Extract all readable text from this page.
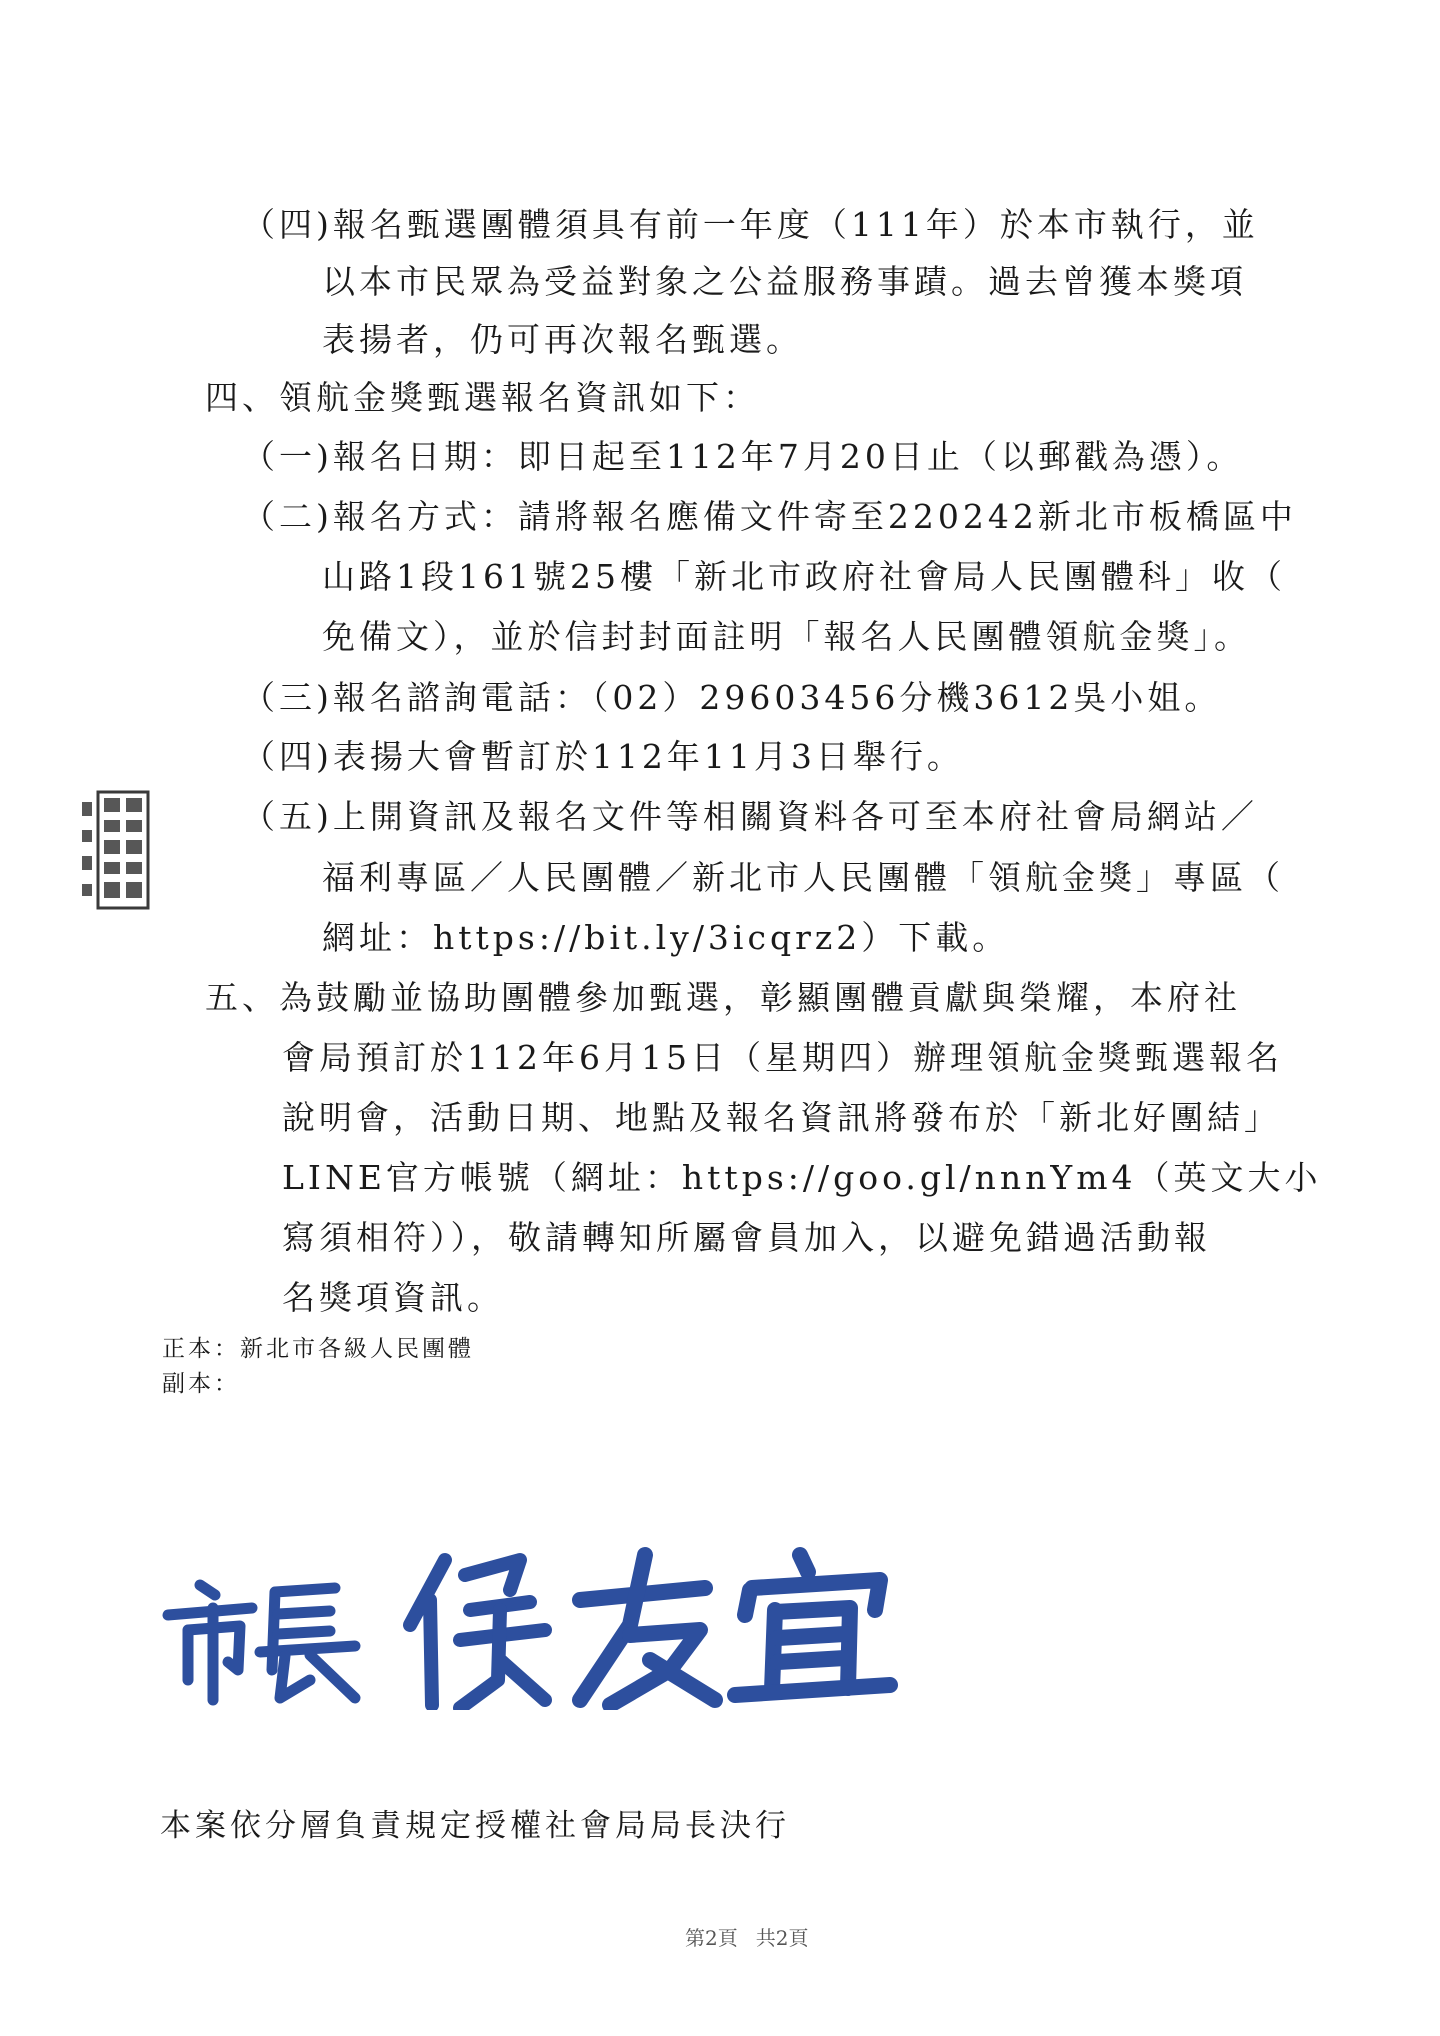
（四)報名甄選團體須具有前一年度（111年）於本市執行，並
以本市民眾為受益對象之公益服務事蹟。過去曾獲本獎項
表揚者，仍可再次報名甄選。
四、領航金獎甄選報名資訊如下：
（一)報名日期：即日起至112年7月20日止（以郵戳為憑）。
（二)報名方式：請將報名應備文件寄至220242新北市板橋區中
山路1段161號25樓「新北市政府社會局人民團體科」收（
免備文），並於信封封面註明「報名人民團體領航金獎」。
（三)報名諮詢電話：（02）29603456分機3612吳小姐。
（四)表揚大會暫訂於112年11月3日舉行。
（五)上開資訊及報名文件等相關資料各可至本府社會局網站／
福利專區／人民團體／新北市人民團體「領航金獎」專區（
網址：https://bit.ly/3icqrz2）下載。
五、為鼓勵並協助團體參加甄選，彰顯團體貢獻與榮耀，本府社
會局預訂於112年6月15日（星期四）辦理領航金獎甄選報名
說明會，活動日期、地點及報名資訊將發布於「新北好團結」
LINE官方帳號（網址：https://goo.gl/nnnYm4（英文大小
寫須相符）），敬請轉知所屬會員加入，以避免錯過活動報
名獎項資訊。
正本：新北市各級人民團體
副本：
本案依分層負責規定授權社會局局長決行
第2頁 共2頁
